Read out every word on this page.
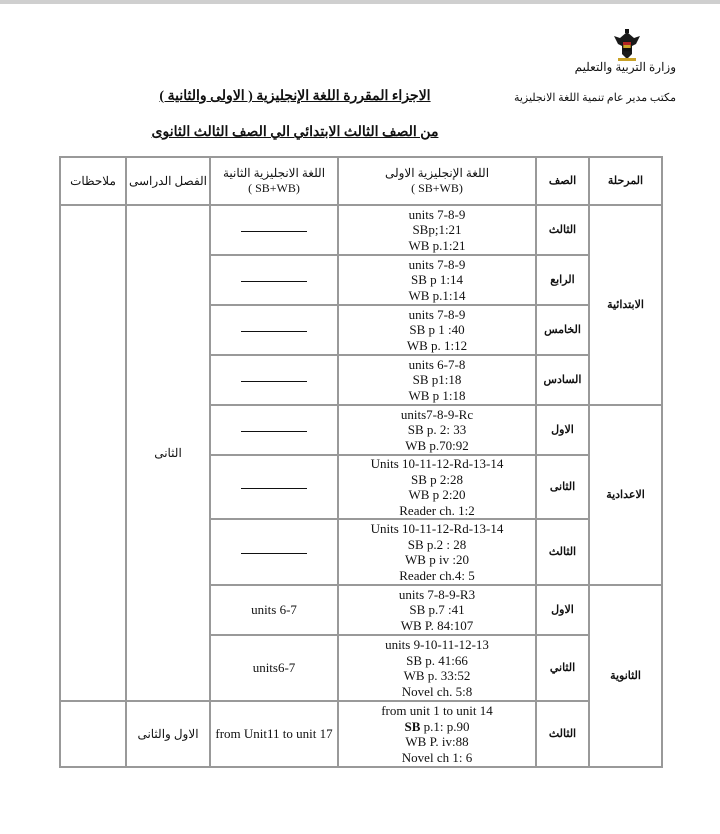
وزارة التربية والتعليم
مكتب مدير عام تنمية اللغة الانجليزية
الاجزاء المقررة اللغة الإنجليزية ( الاولى والثانية )
من الصف الثالث الابتدائي الي الصف الثالث الثانوى
ملاحظات	الفصل الدراسى	اللغة الانجليزية الثانية
( SB+WB)	اللغة الإنجليزية الاولى
( SB+WB)	الصف	المرحلة
	الثانى		units 7-8-9
SBp;1:21
WB p.1:21	الثالث	الابتدائية

			units 7-8-9
SB p 1:14
WB p.1:14	الرابع	

			units 7-8-9
SB p 1 :40
WB p. 1:12	الخامس	

			units 6-7-8
SB p1:18
WB p 1:18	السادس	

			units7-8-9-Rc
SB p. 2: 33
WB p.70:92	الاول	الاعدادية

			Units 10-11-12-Rd-13-14
SB p 2:28
WB p 2:20
Reader ch. 1:2	الثانى	

			Units 10-11-12-Rd-13-14
SB p.2 : 28
WB p iv :20
Reader ch.4: 5	الثالث	
		units 6-7	units 7-8-9-R3
SB p.7 :41
WB P. 84:107	الاول	الثانوية
		units6-7	units 9-10-11-12-13
SB p. 41:66
WB p. 33:52
Novel ch. 5:8	الثاني	
	الاول والثانى	from Unit11 to unit 17	from unit 1 to unit 14
SB p.1: p.90
WB P. iv:88
Novel ch 1: 6	الثالث	
